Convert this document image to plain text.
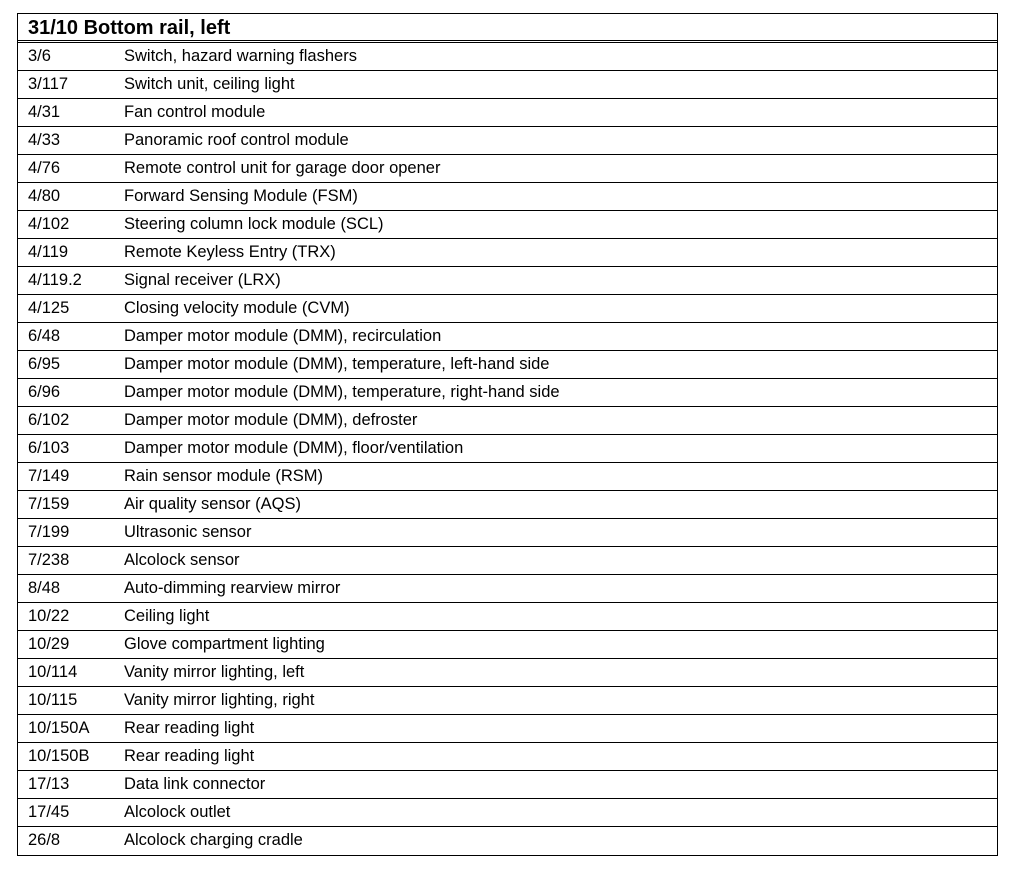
31/10 Bottom rail, left
3/6	Switch, hazard warning flashers
3/117	Switch unit, ceiling light
4/31	Fan control module
4/33	Panoramic roof control module
4/76	Remote control unit for garage door opener
4/80	Forward Sensing Module (FSM)
4/102	Steering column lock module (SCL)
4/119	Remote Keyless Entry (TRX)
4/119.2	Signal receiver (LRX)
4/125	Closing velocity module (CVM)
6/48	Damper motor module (DMM), recirculation
6/95	Damper motor module (DMM), temperature, left-hand side
6/96	Damper motor module (DMM), temperature, right-hand side
6/102	Damper motor module (DMM), defroster
6/103	Damper motor module (DMM), floor/ventilation
7/149	Rain sensor module (RSM)
7/159	Air quality sensor (AQS)
7/199	Ultrasonic sensor
7/238	Alcolock sensor
8/48	Auto-dimming rearview mirror
10/22	Ceiling light
10/29	Glove compartment lighting
10/114	Vanity mirror lighting, left
10/115	Vanity mirror lighting, right
10/150A	Rear reading light
10/150B	Rear reading light
17/13	Data link connector
17/45	Alcolock outlet
26/8	Alcolock charging cradle
